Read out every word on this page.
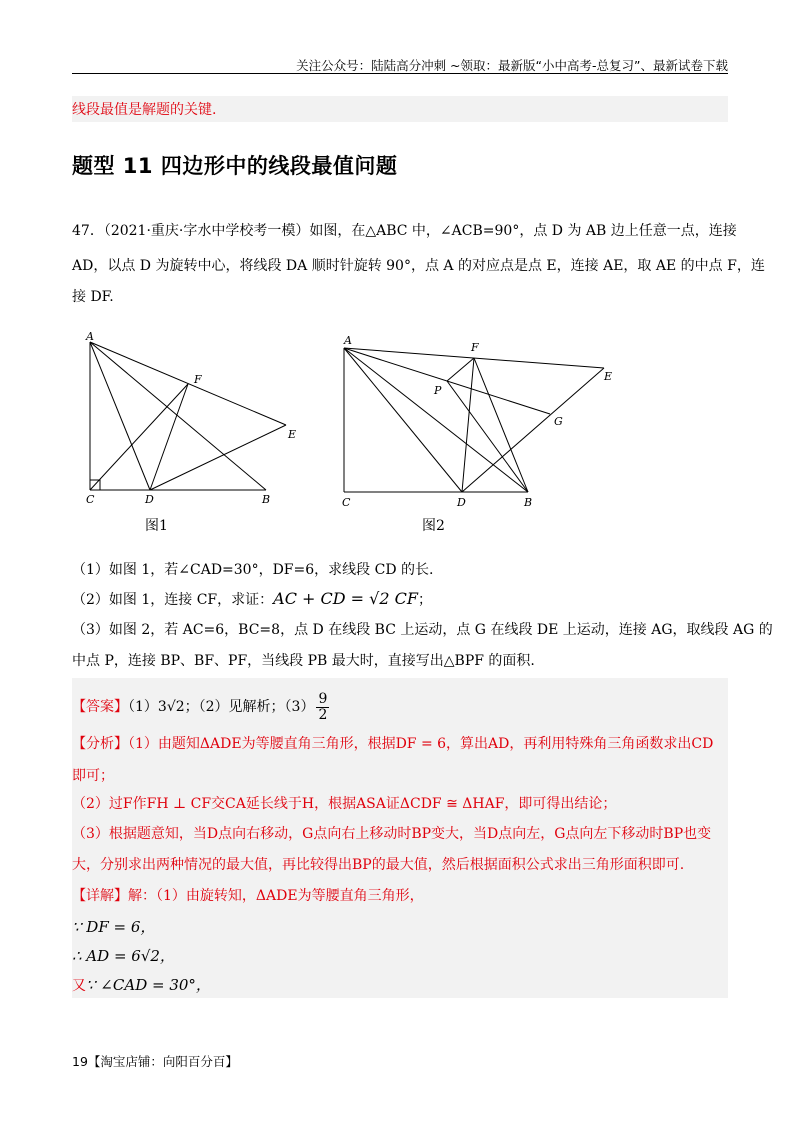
关注公众号：陆陆高分冲刺 ~领取：最新版“小中高考-总复习”、最新试卷下载
线段最值是解题的关键.
题型 11 四边形中的线段最值问题
47．（2021·重庆·字水中学校考一模）如图，在△ABC 中，∠ACB=90°，点 D 为 AB 边上任意一点，连接
AD，以点 D 为旋转中心，将线段 DA 顺时针旋转 90°，点 A 的对应点是点 E，连接 AE，取 AE 的中点 F，连
接 DF.
A
C	D	B
E
F
图1
A
C	D	B
E
F
G
P
图2
（1）如图 1，若∠CAD=30°，DF=6，求线段 CD 的长.
（2）如图 1，连接 CF，求证：AC + CD = √2 CF；
（3）如图 2，若 AC=6，BC=8，点 D 在线段 BC 上运动，点 G 在线段 DE 上运动，连接 AG，取线段 AG 的
中点 P，连接 BP、BF、PF，当线段 PB 最大时，直接写出△BPF 的面积.
【答案】（1）3√2；（2）见解析；$(3) \frac{9}{2}$
【分析】（1）由题知ΔADE为等腰直角三角形，根据DF = 6，算出AD，再利用特殊角三角函数求出CD
即可；
（2）过F作FH ⊥ CF交CA延长线于H，根据ASA证ΔCDF ≅ ΔHAF，即可得出结论；
（3）根据题意知，当D点向右移动，G点向右上移动时BP变大，当D点向左，G点向左下移动时BP也变
大，分别求出两种情况的最大值，再比较得出BP的最大值，然后根据面积公式求出三角形面积即可.
【详解】解：（1）由旋转知，ΔADE为等腰直角三角形，
∵ DF = 6，
∴ AD = 6√2，
又∵ ∠CAD = 30°，
19【淘宝店铺：向阳百分百】
